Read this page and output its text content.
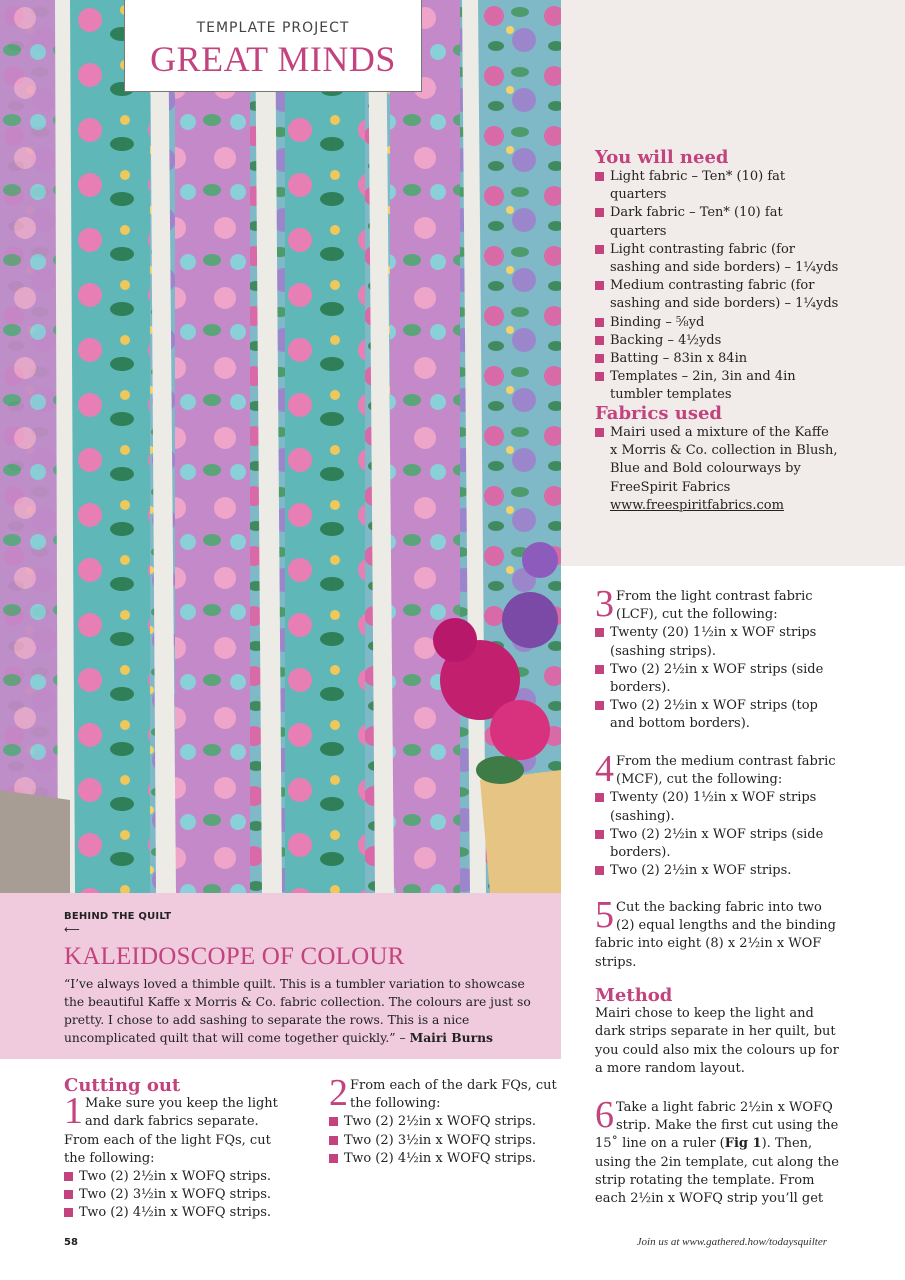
TEMPLATE PROJECT
GREAT MINDS
You will need
Light fabric – Ten* (10) fat quarters
Dark fabric – Ten* (10) fat quarters
Light contrasting fabric (for sashing and side borders) – 1¼yds
Medium contrasting fabric (for sashing and side borders) – 1¼yds
Binding – ⅝yd
Backing – 4½yds
Batting – 83in x 84in
Templates – 2in, 3in and 4in tumbler templates
Fabrics used
Mairi used a mixture of the Kaffe x Morris & Co. collection in Blush, Blue and Bold colourways by FreeSpirit Fabrics www.freespiritfabrics.com
BEHIND THE QUILT
⟵
KALEIDOSCOPE OF COLOUR
“I’ve always loved a thimble quilt. This is a tumbler variation to showcase the beautiful Kaffe x Morris & Co. fabric collection. The colours are just so pretty. I chose to add sashing to separate the rows. This is a nice uncomplicated quilt that will come together quickly.” – Mairi Burns
Cutting out

1 Make sure you keep the light and dark fabrics separate. From each of the light FQs, cut the following:

Two (2) 2½in x WOFQ strips.
Two (2) 3½in x WOFQ strips.
Two (2) 4½in x WOFQ strips.

2 From each of the dark FQs, cut the following:

Two (2) 2½in x WOFQ strips.
Two (2) 3½in x WOFQ strips.
Two (2) 4½in x WOFQ strips.

3 From the light contrast fabric (LCF), cut the following:

Twenty (20) 1½in x WOF strips (sashing strips).
Two (2) 2½in x WOF strips (side borders).
Two (2) 2½in x WOF strips (top and bottom borders).

4 From the medium contrast fabric (MCF), cut the following:

Twenty (20) 1½in x WOF strips (sashing).
Two (2) 2½in x WOF strips (side borders).
Two (2) 2½in x WOF strips.

5 Cut the backing fabric into two (2) equal lengths and the binding fabric into eight (8) x 2½in x WOF strips.

Method
Mairi chose to keep the light and dark strips separate in her quilt, but you could also mix the colours up for a more random layout.

6 Take a light fabric 2½in x WOFQ strip. Make the first cut using the 15˚ line on a ruler (Fig 1). Then, using the 2in template, cut along the strip rotating the template. From each 2½in x WOFQ strip you’ll get

58	Join us at www.gathered.how/todaysquilter
